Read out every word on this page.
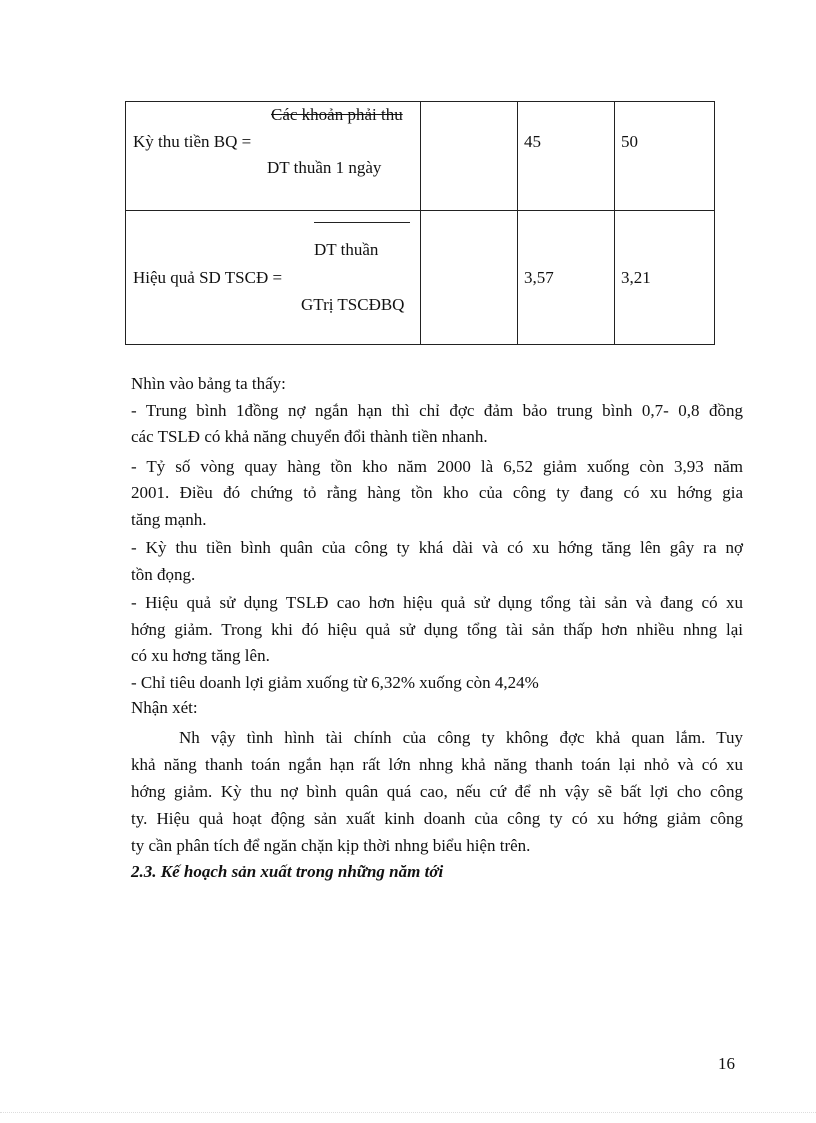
Các khoản phải thu
Kỳ thu tiền BQ =
DT thuần 1 ngày
45	50
DT thuần
Hiệu quả SD TSCĐ =
GTrị TSCĐBQ
3,57	3,21
Nhìn vào bảng ta thấy:
- Trung bình 1đồng nợ ngắn hạn thì chỉ đợc đảm bảo trung bình 0,7- 0,8 đồng
các TSLĐ có khả năng chuyển đổi thành tiền nhanh.
- Tỷ số vòng quay hàng tồn kho năm 2000 là 6,52 giảm xuống còn 3,93 năm
2001. Điều đó chứng tỏ rằng hàng tồn kho của công ty đang có xu hớng gia
tăng mạnh.
- Kỳ thu tiền bình quân của công ty khá dài và có xu hớng tăng lên gây ra nợ
tồn đọng.
- Hiệu quả sử dụng TSLĐ cao hơn hiệu quả sử dụng tổng tài sản và đang có xu
hớng giảm. Trong khi đó hiệu quả sử dụng tổng tài sản thấp hơn nhiều nhng lại
có xu hơng tăng lên.
- Chỉ tiêu doanh lợi giảm xuống từ 6,32% xuống còn 4,24%
Nhận xét:
Nh vậy tình hình tài chính của công ty không đợc khả quan lắm. Tuy
khả năng thanh toán ngắn hạn rất lớn nhng khả năng thanh toán lại nhỏ và có xu
hớng giảm. Kỳ thu nợ bình quân quá cao, nếu cứ để nh vậy sẽ bất lợi cho công
ty. Hiệu quả hoạt động sản xuất kinh doanh của công ty có xu hớng giảm công
ty cần phân tích để ngăn chặn kịp thời nhng biểu hiện trên.
2.3. Kế hoạch sản xuất trong những năm tới
16
